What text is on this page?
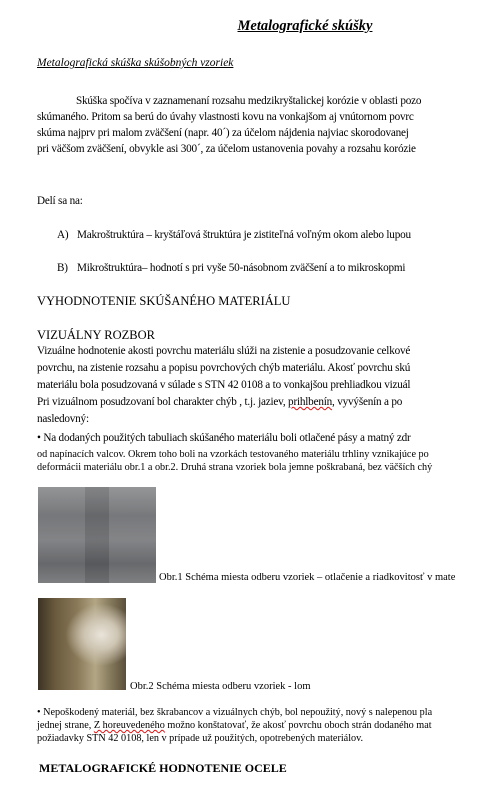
Metalografické skúšky
Metalografická skúška skúšobných vzoriek
Skúška spočíva v zaznamenaní rozsahu medzikryštalickej korózie v oblasti pozo
skúmaného. Pritom sa berú do úvahy vlastnosti kovu na vonkajšom aj vnútornom povrc
skúma najprv pri malom zväčšení (napr. 40´) za účelom nájdenia najviac skorodovanej
pri väčšom zväčšení, obvykle asi 300´, za účelom ustanovenia povahy a rozsahu korózie
Delí sa na:
A) Makroštruktúra – kryštáľová štruktúra je zistiteľná voľným okom alebo lupou
B) Mikroštruktúra– hodnotí s pri vyše 50-násobnom zväčšení a to mikroskopmi
VYHODNOTENIE SKÚŠANÉHO MATERIÁLU
VIZUÁLNY ROZBOR
Vizuálne hodnotenie akosti povrchu materiálu slúži na zistenie a posudzovanie celkové
povrchu, na zistenie rozsahu a popisu povrchových chýb materiálu. Akosť povrchu skú
materiálu bola posudzovaná v súlade s STN 42 0108 a to vonkajšou prehliadkou vizuál
Pri vizuálnom posudzovaní bol charakter chýb , t.j. jaziev, prihlbenín, vyvýšenín a po
nasledovný:
• Na dodaných použitých tabuliach skúšaného materiálu boli otlačené pásy a matný zdr
od napínacích valcov. Okrem toho boli na vzorkách testovaného materiálu trhliny vznikajúce po
deformácii materiálu obr.1 a obr.2. Druhá strana vzoriek bola jemne poškrabaná, bez väčších chý
Obr.1 Schéma miesta odberu vzoriek – otlačenie a riadkovitosť v mate
Obr.2 Schéma miesta odberu vzoriek - lom
• Nepoškodený materiál, bez škrabancov a vizuálnych chýb, bol nepoužitý, nový s nalepenou pla
jednej strane, Z horeuvedeného možno konštatovať, že akosť povrchu oboch strán dodaného mat
požiadavky STN 42 0108, len v prípade už použitých, opotrebených materiálov.
METALOGRAFICKÉ HODNOTENIE OCELE
